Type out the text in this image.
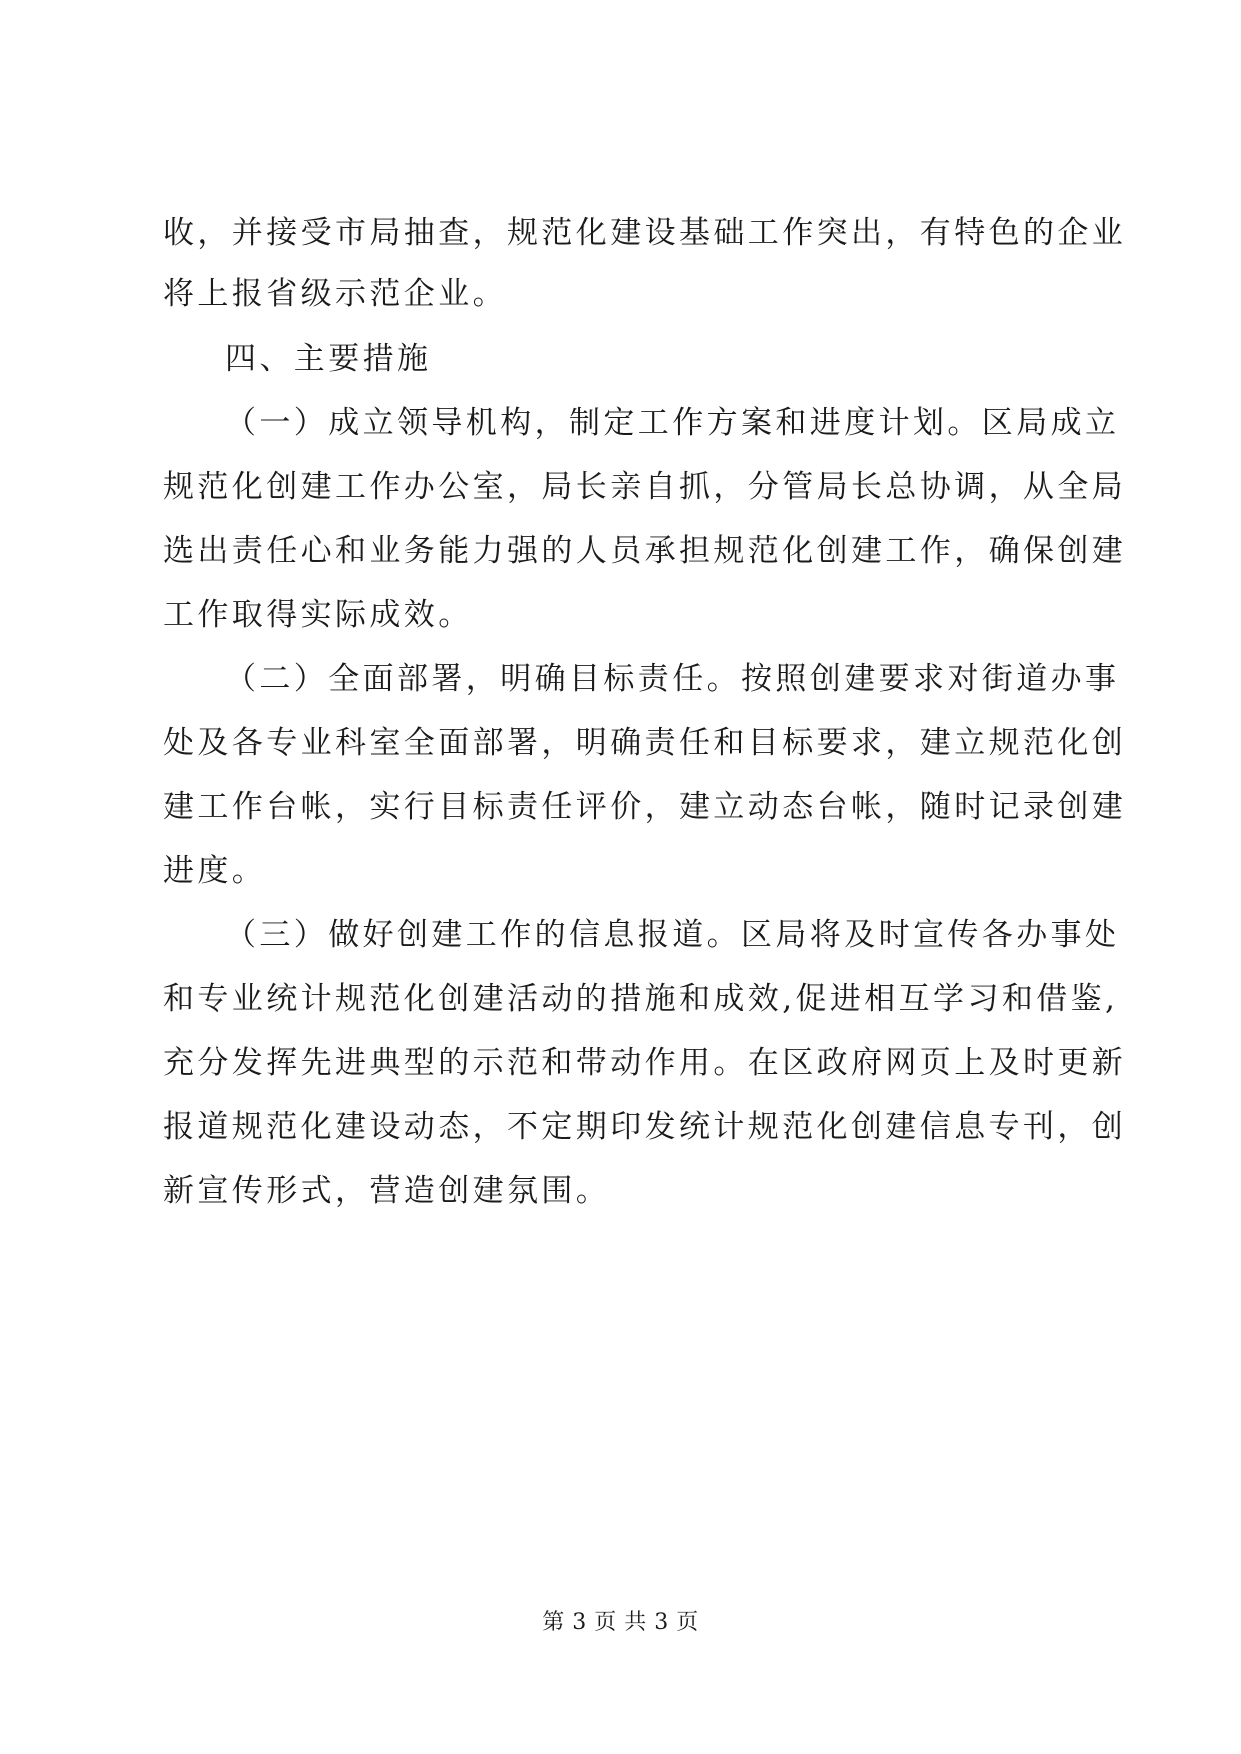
收，并接受市局抽查，规范化建设基础工作突出，有特色的企业
将上报省级示范企业。
四、主要措施
（一）成立领导机构，制定工作方案和进度计划。区局成立
规范化创建工作办公室，局长亲自抓，分管局长总协调，从全局
选出责任心和业务能力强的人员承担规范化创建工作，确保创建
工作取得实际成效。
（二）全面部署，明确目标责任。按照创建要求对街道办事
处及各专业科室全面部署，明确责任和目标要求，建立规范化创
建工作台帐，实行目标责任评价，建立动态台帐，随时记录创建
进度。
（三）做好创建工作的信息报道。区局将及时宣传各办事处
和专业统计规范化创建活动的措施和成效,促进相互学习和借鉴,
充分发挥先进典型的示范和带动作用。在区政府网页上及时更新
报道规范化建设动态，不定期印发统计规范化创建信息专刊，创
新宣传形式，营造创建氛围。
第 3 页 共 3 页
